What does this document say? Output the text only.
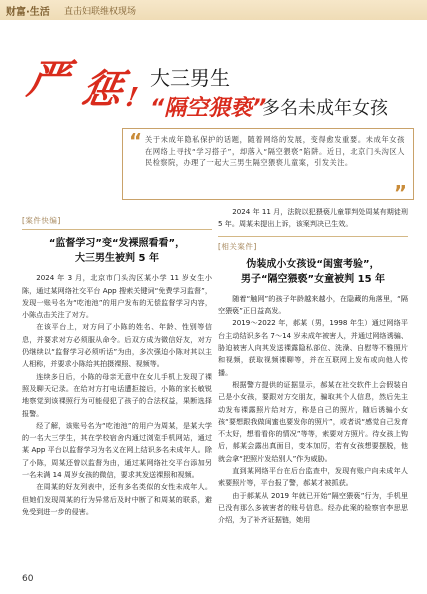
财富·生活 直击妇联维权现场
严 惩
!
大三男生
“隔空猥亵”
多名未成年女孩
“ 关于未成年隐私保护的话题，随着网络的发展，变得愈发重要。未成年女孩在网络上寻找“学习搭子”，却落入“隔空猥亵”陷阱。近日，北京门头沟区人民检察院，办理了一起大三男生隔空猥亵儿童案，引发关注。

”
[案件快编]
“监督学习”变“发裸照看看”，
大三男生被判 5 年

2024 年 3 月，北京市门头沟区某小学 11 岁女生小陈，通过某网络社交平台 App 搜索关键词“免费学习监督”，发现一账号名为“吃池池”的用户发布的无偿监督学习内容，小陈点击关注了对方。

在该平台上，对方问了小陈的姓名、年龄、性别等信息，并要求对方必须服从命令。后双方成为微信好友，对方仍继续以“监督学习必须听话”为由，多次强迫小陈对其以主人相称，并要求小陈给其拍摄裸照、视频等。

连续多日后，小陈的母亲无意中在女儿手机上发现了裸照及聊天记录。在给对方打电话遭拒接后，小陈的家长敏锐地察觉到该裸照行为可能侵犯了孩子的合法权益，果断选择报警。

经了解，该账号名为“吃池池”的用户为周某，是某大学的一名大三学生，其在学校宿舍内通过浏览手机网站，通过某 App 平台以监督学习为名义在网上结识多名未成年人。除了小陈，周某还曾以监督为由，通过某网络社交平台添加另一名未满 14 周岁女孩的微信，要求其发送裸照和视频。

在周某的好友列表中，还有多名类似的女性未成年人。但她们发现周某的行为异常后及时中断了和周某的联系，避免受到进一步的侵害。

2024 年 11 月，法院以犯猥亵儿童罪判处周某有期徒刑 5 年。周某未提出上诉，该案判决已生效。

[相关案件]
伪装成小女孩设“闺蜜考验”，
男子“隔空猥亵”女童被判 15 年

随着“触网”的孩子年龄越来越小，在隐藏的角落里，“隔空猥亵”正日益高发。

2019～2022 年，郝某（男，1998 年生）通过网络平台主动结识多名 7～14 岁未成年被害人，并通过网络诱骗、胁迫被害人向其发送裸露隐私部位、洗澡、自慰等不雅照片和视频，获取视频裸聊等，并在互联网上发布或向他人传播。

根据警方提供的证据显示，郝某在社交软件上会假装自己是小女孩，要跟对方交朋友，骗取其个人信息，然后先主动发布裸露照片给对方，称是自己的照片，随后诱骗小女孩“要想跟我做闺蜜也要发你的照片”，或者说“感觉自己发育不太好，想看看你的情况”等等，索要对方照片。待女孩上钩后，郝某会露出真面目，变本加厉，若有女孩想要摆脱，他就会拿“把照片发给别人”作为威胁。

直到某网络平台在后台监查中，发现有账户向未成年人索要照片等，平台报了警，郝某才被抓获。

由于郝某从 2019 年就已开始“隔空猥亵”行为，手机里已没有那么多被害者的账号信息。经办此案的检察官李思思介绍，为了补齐证据链，她用

60
